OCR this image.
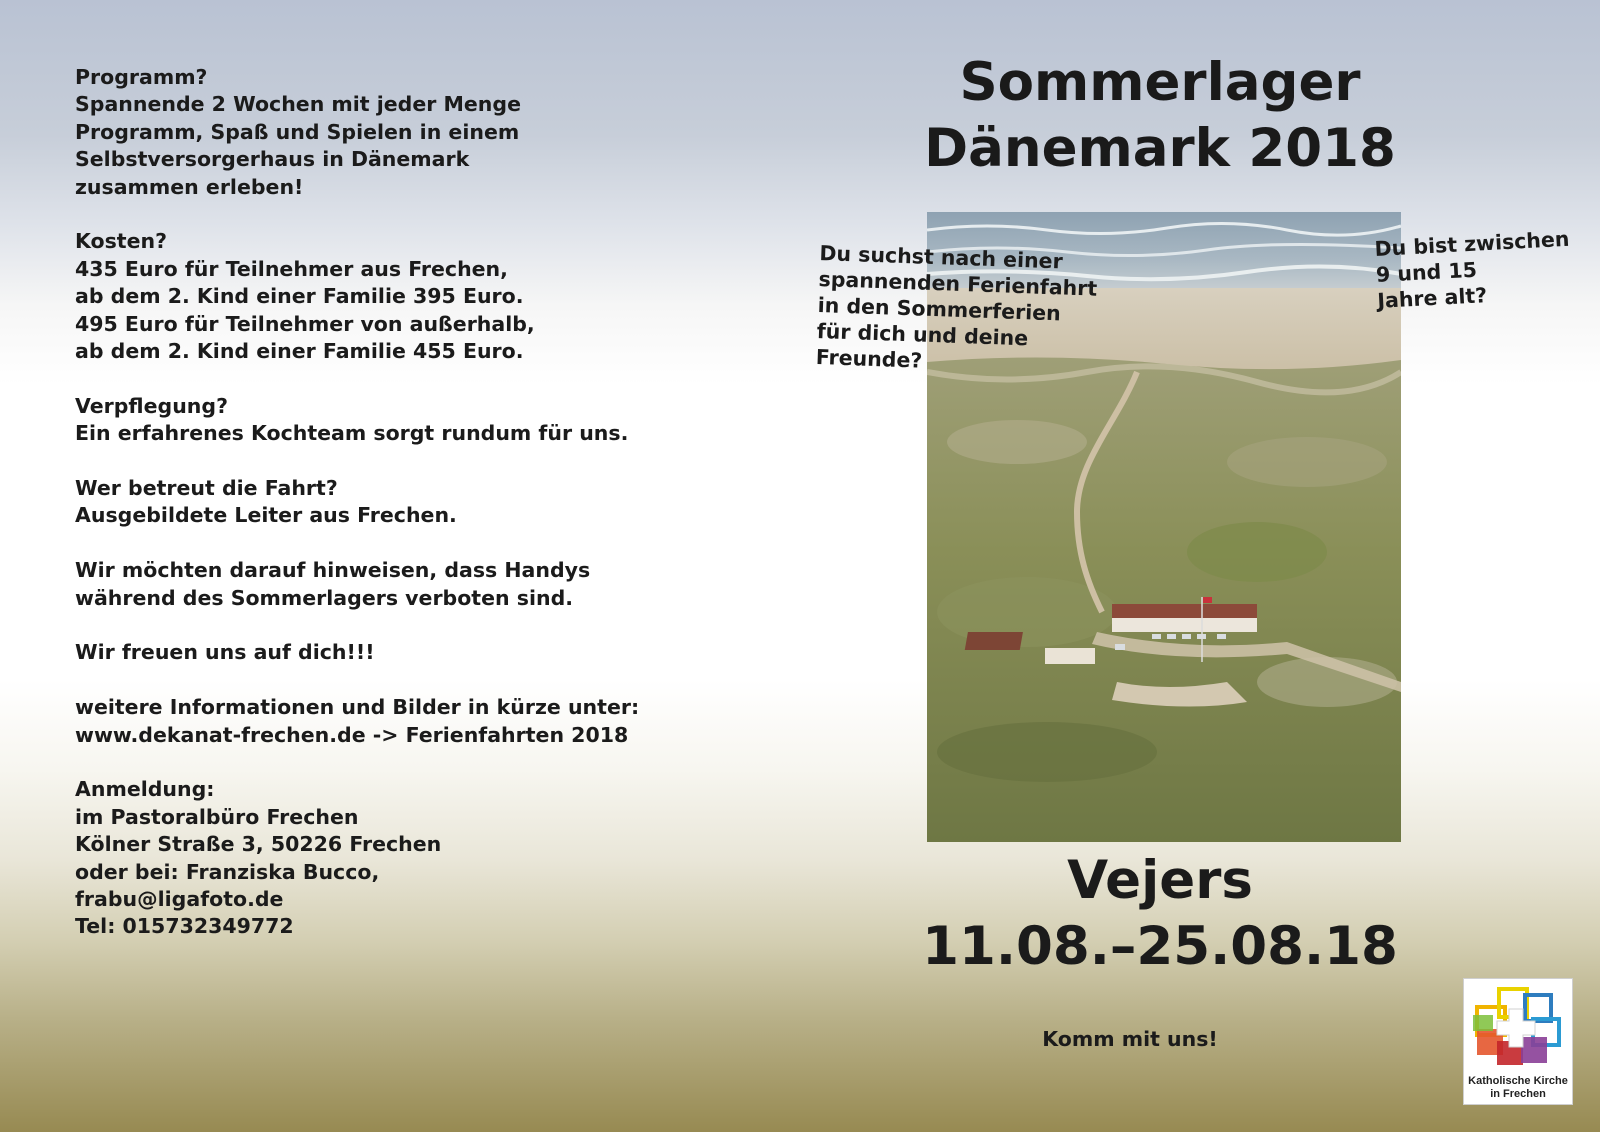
Programm?
Spannende 2 Wochen mit jeder Menge
Programm, Spaß und Spielen in einem
Selbstversorgerhaus in Dänemark
zusammen erleben!

Kosten?
435 Euro für Teilnehmer aus Frechen,
ab dem 2. Kind einer Familie 395 Euro.
495 Euro für Teilnehmer von außerhalb,
ab dem 2. Kind einer Familie 455 Euro.

Verpflegung?
Ein erfahrenes Kochteam sorgt rundum für uns.

Wer betreut die Fahrt?
Ausgebildete Leiter aus Frechen.

Wir möchten darauf hinweisen, dass Handys
während des Sommerlagers verboten sind.

Wir freuen uns auf dich!!!

weitere Informationen und Bilder in kürze unter:
www.dekanat-frechen.de -> Ferienfahrten 2018

Anmeldung:
im Pastoralbüro Frechen
Kölner Straße 3, 50226 Frechen
oder bei: Franziska Bucco,
frabu@ligafoto.de
Tel: 015732349772

Sommerlager
Dänemark 2018
Du suchst nach einer
spannenden Ferienfahrt
in den Sommerferien
für dich und deine
Freunde?
Du bist zwischen
9 und 15
Jahre alt?
Vejers
11.08.–25.08.18
Komm mit uns!
Katholische Kirche
in Frechen
